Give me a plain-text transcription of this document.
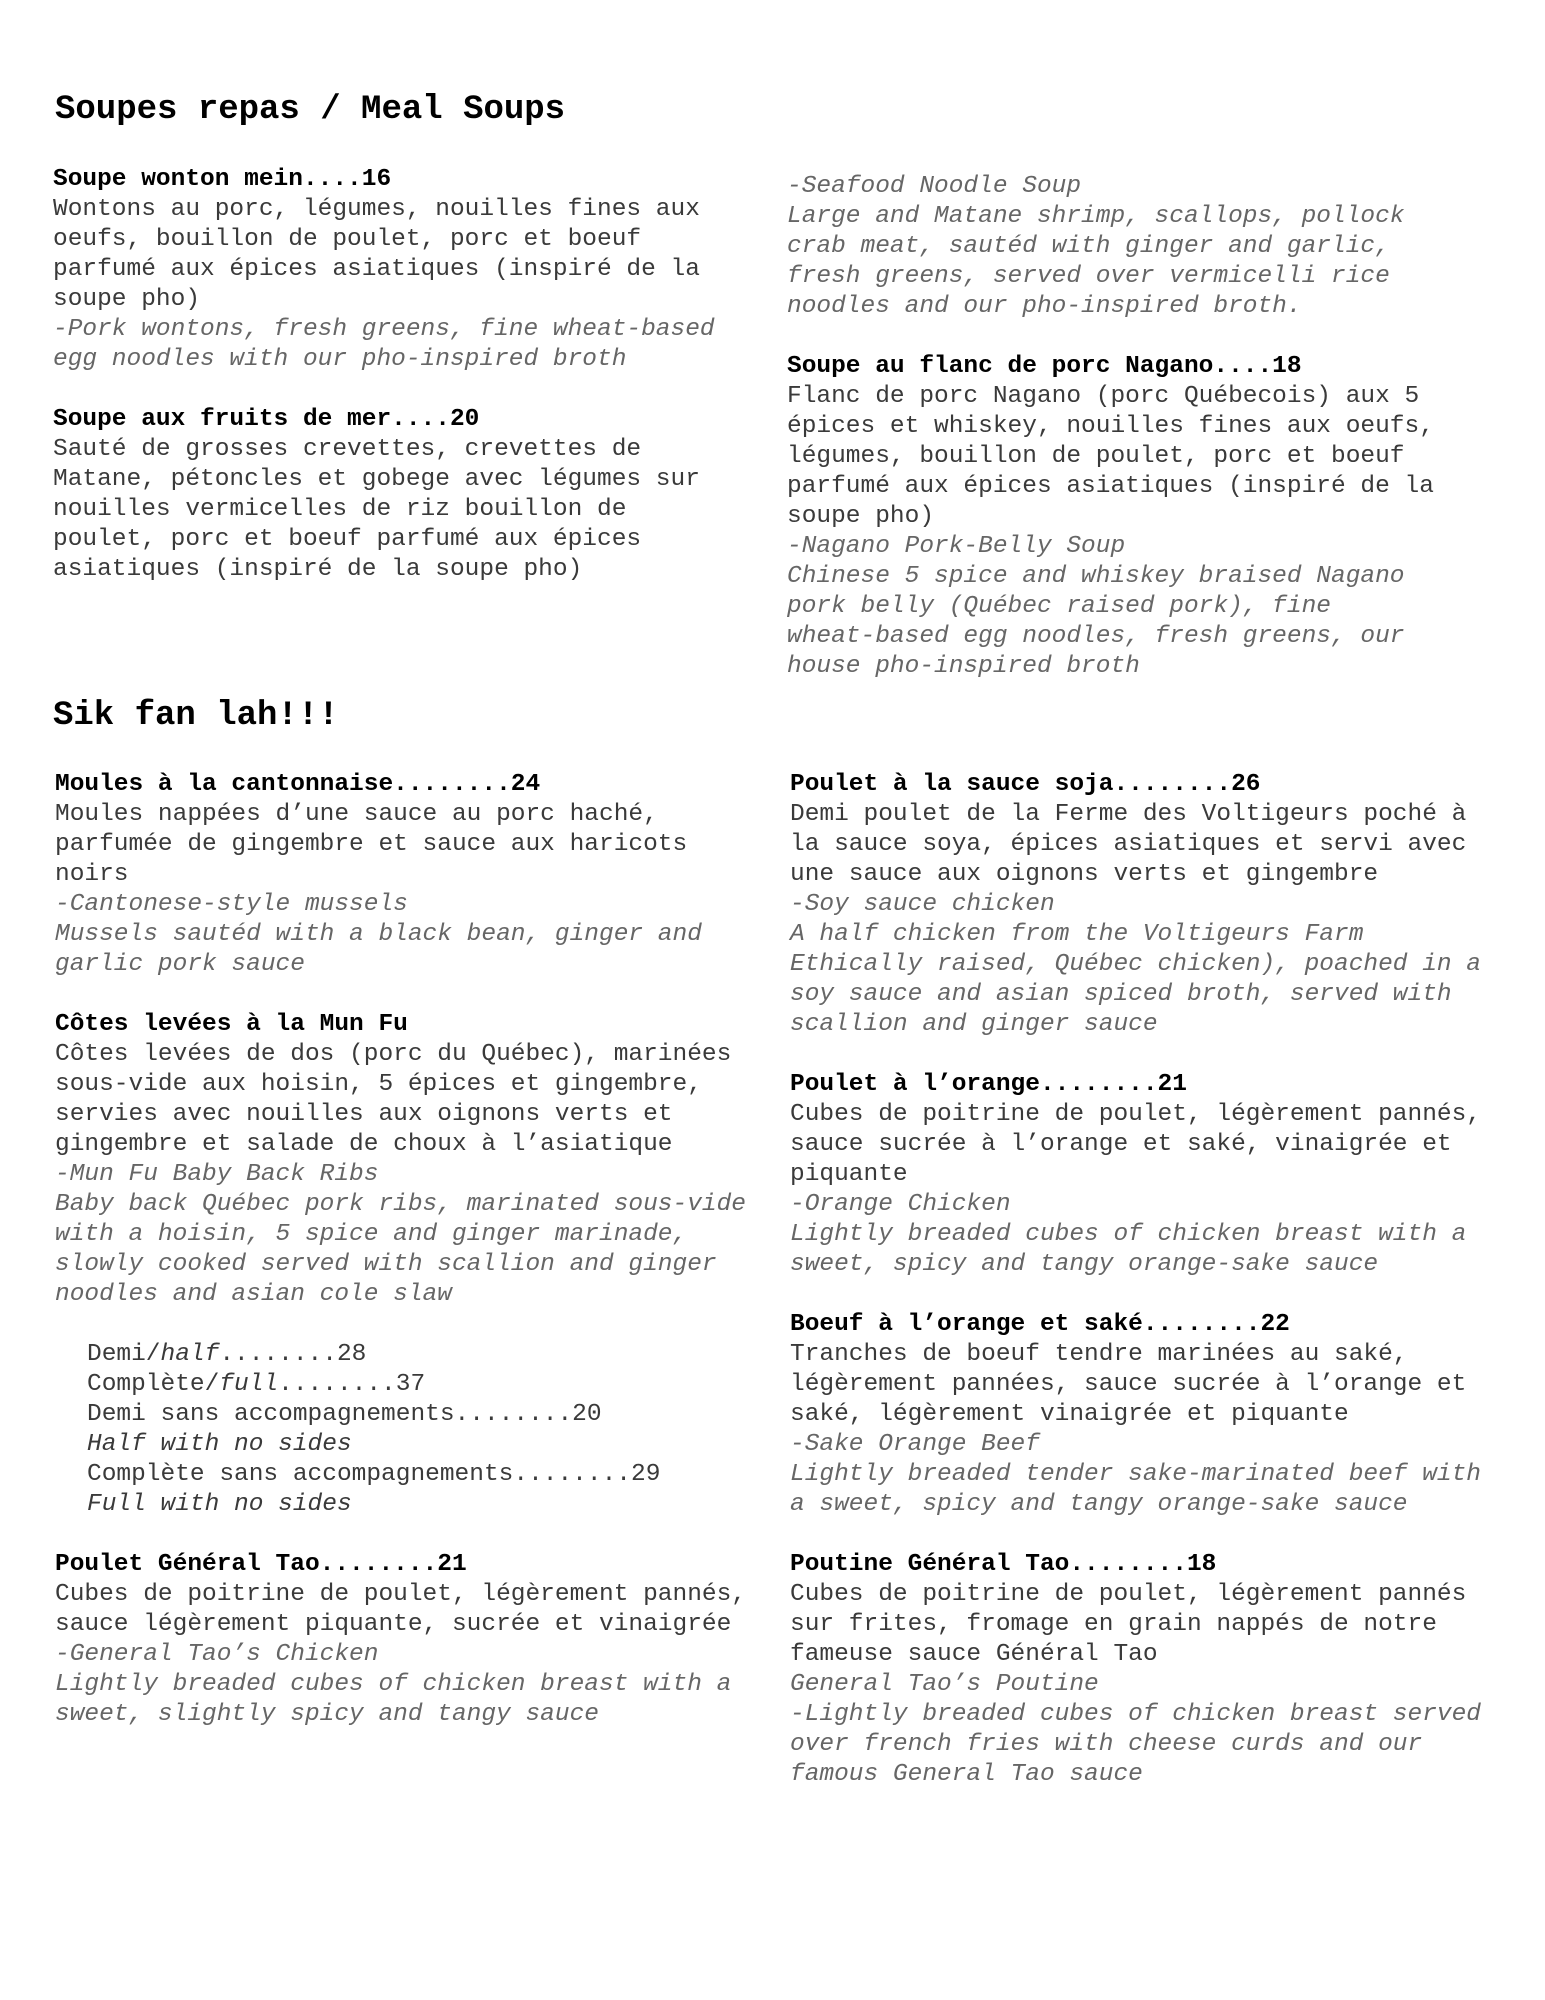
Soupes repas / Meal Soups
Soupe wonton mein....16
Wontons au porc, légumes, nouilles fines aux
oeufs, bouillon de poulet, porc et boeuf
parfumé aux épices asiatiques (inspiré de la
soupe pho)
-Pork wontons, fresh greens, fine wheat-based
egg noodles with our pho-inspired broth
Soupe aux fruits de mer....20
Sauté de grosses crevettes, crevettes de
Matane, pétoncles et gobege avec légumes sur
nouilles vermicelles de riz bouillon de
poulet, porc et boeuf parfumé aux épices
asiatiques (inspiré de la soupe pho)
-Seafood Noodle Soup
Large and Matane shrimp, scallops, pollock
crab meat, sautéd with ginger and garlic,
fresh greens, served over vermicelli rice
noodles and our pho-inspired broth.
Soupe au flanc de porc Nagano....18
Flanc de porc Nagano (porc Québecois) aux 5
épices et whiskey, nouilles fines aux oeufs,
légumes, bouillon de poulet, porc et boeuf
parfumé aux épices asiatiques (inspiré de la
soupe pho)
-Nagano Pork-Belly Soup
Chinese 5 spice and whiskey braised Nagano
pork belly (Québec raised pork), fine
wheat-based egg noodles, fresh greens, our
house pho-inspired broth
Sik fan lah!!!
Moules à la cantonnaise........24
Moules nappées d’une sauce au porc haché,
parfumée de gingembre et sauce aux haricots
noirs
-Cantonese-style mussels
Mussels sautéd with a black bean, ginger and
garlic pork sauce
Côtes levées à la Mun Fu
Côtes levées de dos (porc du Québec), marinées
sous-vide aux hoisin, 5 épices et gingembre,
servies avec nouilles aux oignons verts et
gingembre et salade de choux à l’asiatique
-Mun Fu Baby Back Ribs
Baby back Québec pork ribs, marinated sous-vide
with a hoisin, 5 spice and ginger marinade,
slowly cooked served with scallion and ginger
noodles and asian cole slaw
Demi/half........28
Complète/full........37
Demi sans accompagnements........20
Half with no sides
Complète sans accompagnements........29
Full with no sides
Poulet Général Tao........21
Cubes de poitrine de poulet, légèrement pannés,
sauce légèrement piquante, sucrée et vinaigrée
-General Tao’s Chicken
Lightly breaded cubes of chicken breast with a
sweet, slightly spicy and tangy sauce
Poulet à la sauce soja........26
Demi poulet de la Ferme des Voltigeurs poché à
la sauce soya, épices asiatiques et servi avec
une sauce aux oignons verts et gingembre
-Soy sauce chicken
A half chicken from the Voltigeurs Farm
Ethically raised, Québec chicken), poached in a
soy sauce and asian spiced broth, served with
scallion and ginger sauce
Poulet à l’orange........21
Cubes de poitrine de poulet, légèrement pannés,
sauce sucrée à l’orange et saké, vinaigrée et
piquante
-Orange Chicken
Lightly breaded cubes of chicken breast with a
sweet, spicy and tangy orange-sake sauce
Boeuf à l’orange et saké........22
Tranches de boeuf tendre marinées au saké,
légèrement pannées, sauce sucrée à l’orange et
saké, légèrement vinaigrée et piquante
-Sake Orange Beef
Lightly breaded tender sake-marinated beef with
a sweet, spicy and tangy orange-sake sauce
Poutine Général Tao........18
Cubes de poitrine de poulet, légèrement pannés
sur frites, fromage en grain nappés de notre
fameuse sauce Général Tao
General Tao’s Poutine
-Lightly breaded cubes of chicken breast served
over french fries with cheese curds and our
famous General Tao sauce
